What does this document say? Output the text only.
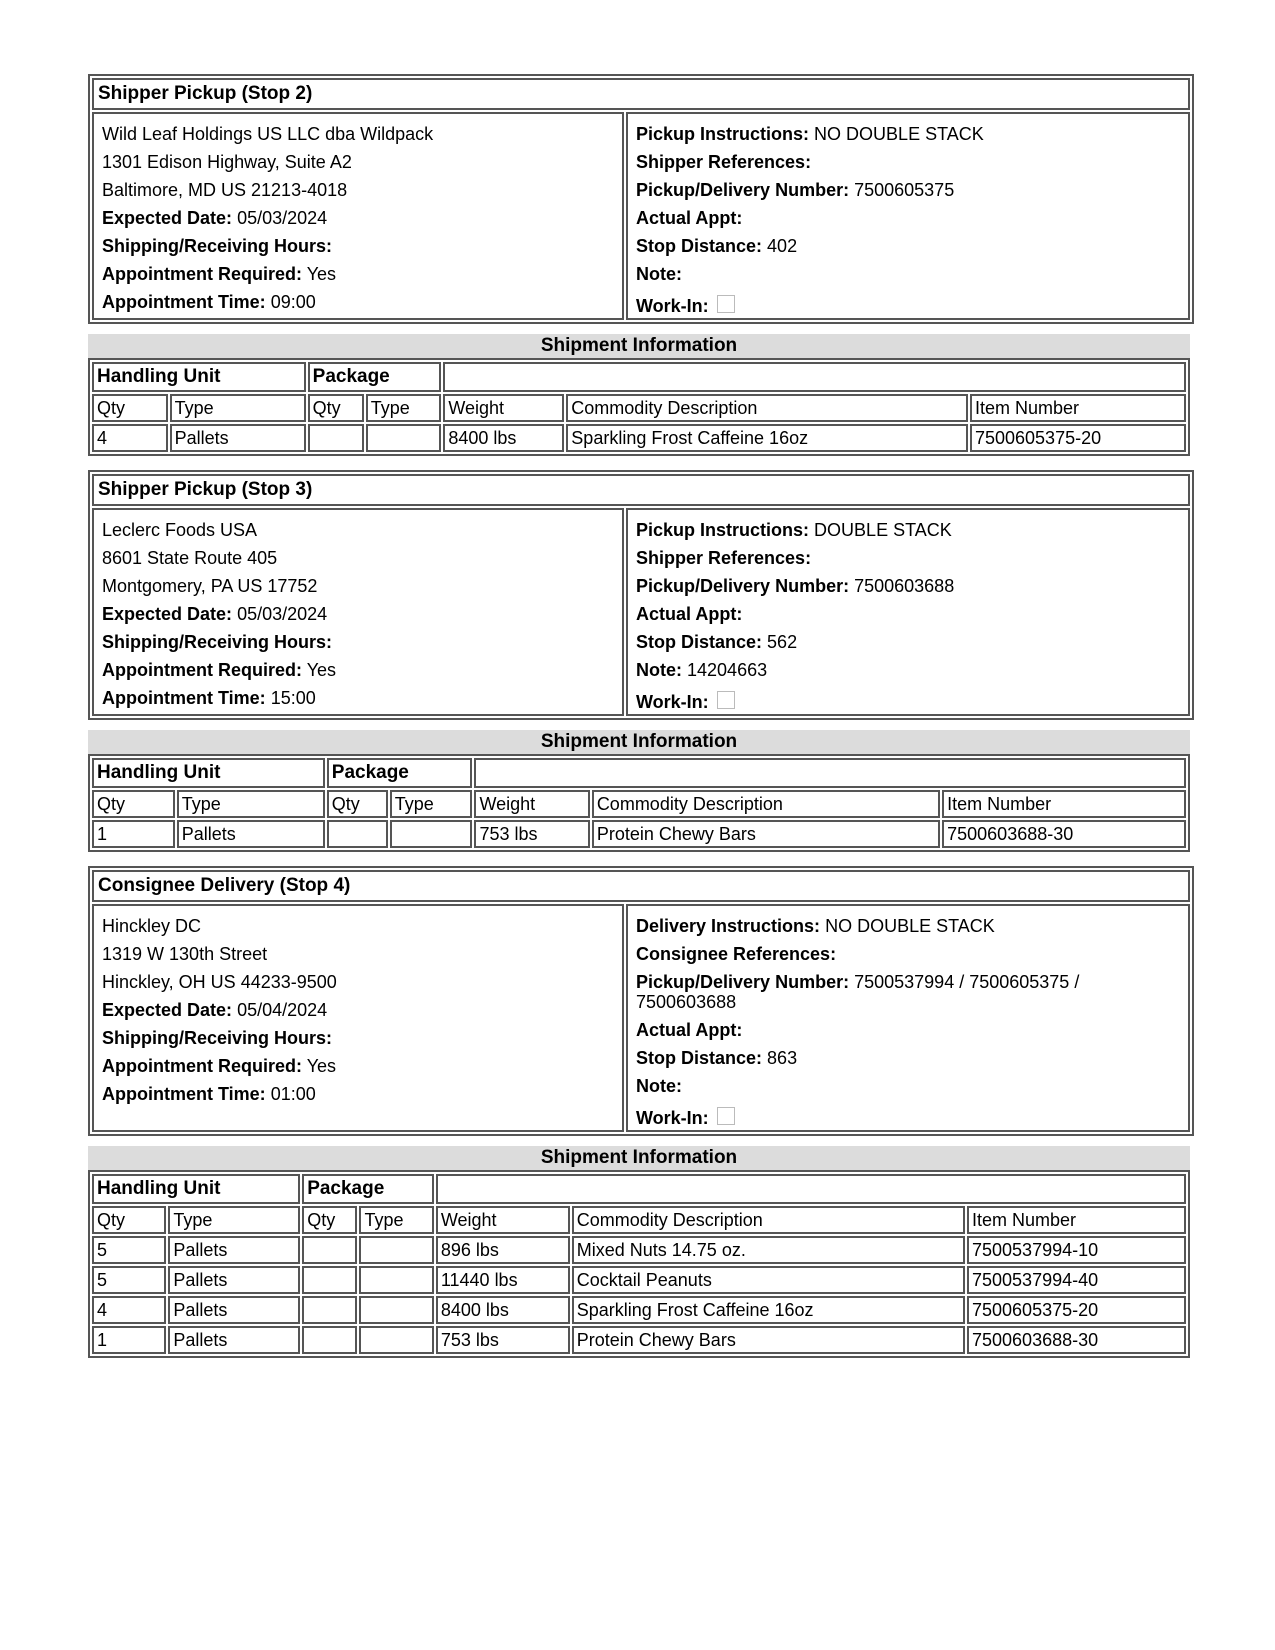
Shipper Pickup (Stop 2)
Wild Leaf Holdings US LLC dba Wildpack
1301 Edison Highway, Suite A2
Baltimore, MD US 21213-4018
Expected Date: 05/03/2024
Shipping/Receiving Hours:
Appointment Required: Yes
Appointment Time: 09:00
Pickup Instructions: NO DOUBLE STACK
Shipper References:
Pickup/Delivery Number: 7500605375
Actual Appt:
Stop Distance: 402
Note:
Work-In:
Shipment Information
Handling Unit		Package				
Qty	Type	Qty	Type	Weight	Commodity Description	Item Number
4	Pallets			8400 lbs	Sparkling Frost Caffeine 16oz	7500605375-20
Shipper Pickup (Stop 3)
Leclerc Foods USA
8601 State Route 405
Montgomery, PA US 17752
Expected Date: 05/03/2024
Shipping/Receiving Hours:
Appointment Required: Yes
Appointment Time: 15:00
Pickup Instructions: DOUBLE STACK
Shipper References:
Pickup/Delivery Number: 7500603688
Actual Appt:
Stop Distance: 562
Note: 14204663
Work-In:
Shipment Information
Handling Unit		Package				
Qty	Type	Qty	Type	Weight	Commodity Description	Item Number
1	Pallets			753 lbs	Protein Chewy Bars	7500603688-30
Consignee Delivery (Stop 4)
Hinckley DC
1319 W 130th Street
Hinckley, OH US 44233-9500
Expected Date: 05/04/2024
Shipping/Receiving Hours:
Appointment Required: Yes
Appointment Time: 01:00
Delivery Instructions: NO DOUBLE STACK
Consignee References:
Pickup/Delivery Number: 7500537994 / 7500605375 / 7500603688
Actual Appt:
Stop Distance: 863
Note:
Work-In:
Shipment Information
Handling Unit		Package				
Qty	Type	Qty	Type	Weight	Commodity Description	Item Number
5	Pallets			896 lbs	Mixed Nuts 14.75 oz.	7500537994-10
5	Pallets			11440 lbs	Cocktail Peanuts	7500537994-40
4	Pallets			8400 lbs	Sparkling Frost Caffeine 16oz	7500605375-20
1	Pallets			753 lbs	Protein Chewy Bars	7500603688-30
